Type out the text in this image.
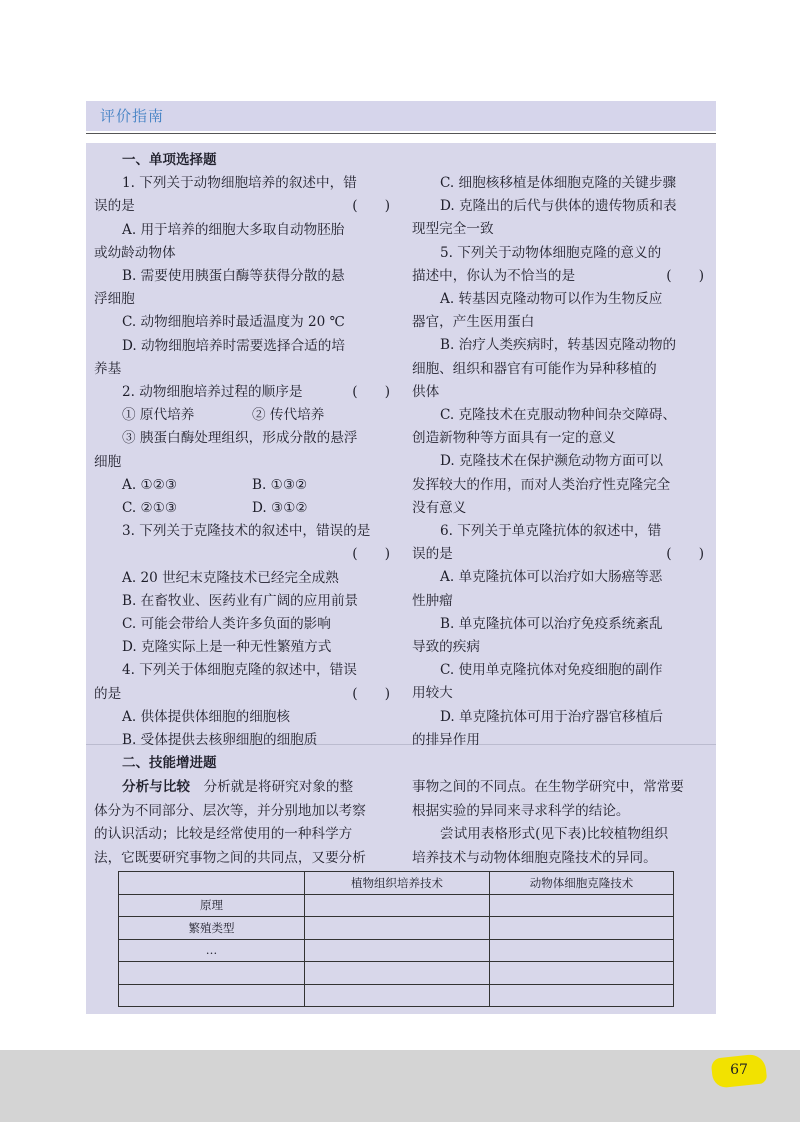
评价指南

一、单项选择题

1. 下列关于动物细胞培养的叙述中，错

误的是	(　　)

A. 用于培养的细胞大多取自动物胚胎

或幼龄动物体

B. 需要使用胰蛋白酶等获得分散的悬

浮细胞

C. 动物细胞培养时最适温度为 20 ℃

D. 动物细胞培养时需要选择合适的培

养基

2. 动物细胞培养过程的顺序是	(　　)

① 原代培养	② 传代培养

③ 胰蛋白酶处理组织，形成分散的悬浮

细胞

A. ①②③	B. ①③②
C. ②①③	D. ③①②

3. 下列关于克隆技术的叙述中，错误的是

(　　)

A. 20 世纪末克隆技术已经完全成熟

B. 在畜牧业、医药业有广阔的应用前景

C. 可能会带给人类许多负面的影响

D. 克隆实际上是一种无性繁殖方式

4. 下列关于体细胞克隆的叙述中，错误

的是	(　　)

A. 供体提供体细胞的细胞核

B. 受体提供去核卵细胞的细胞质

C. 细胞核移植是体细胞克隆的关键步骤

D. 克隆出的后代与供体的遗传物质和表

现型完全一致

5. 下列关于动物体细胞克隆的意义的

描述中，你认为不恰当的是	(　　)

A. 转基因克隆动物可以作为生物反应

器官，产生医用蛋白

B. 治疗人类疾病时，转基因克隆动物的

细胞、组织和器官有可能作为异种移植的

供体

C. 克隆技术在克服动物种间杂交障碍、

创造新物种等方面具有一定的意义

D. 克隆技术在保护濒危动物方面可以

发挥较大的作用，而对人类治疗性克隆完全

没有意义

6. 下列关于单克隆抗体的叙述中，错

误的是	(　　)

A. 单克隆抗体可以治疗如大肠癌等恶

性肿瘤

B. 单克隆抗体可以治疗免疫系统紊乱

导致的疾病

C. 使用单克隆抗体对免疫细胞的副作

用较大

D. 单克隆抗体可用于治疗器官移植后

的排异作用

二、技能增进题

分析与比较　 分析就是将研究对象的整

体分为不同部分、层次等，并分别地加以考察

的认识活动；比较是经常使用的一种科学方

法，它既要研究事物之间的共同点，又要分析

事物之间的不同点。在生物学研究中，常常要

根据实验的异同来寻求科学的结论。

尝试用表格形式(见下表)比较植物组织

培养技术与动物体细胞克隆技术的异同。

	植物组织培养技术	动物体细胞克隆技术
原理		
繁殖类型		
…		

67
